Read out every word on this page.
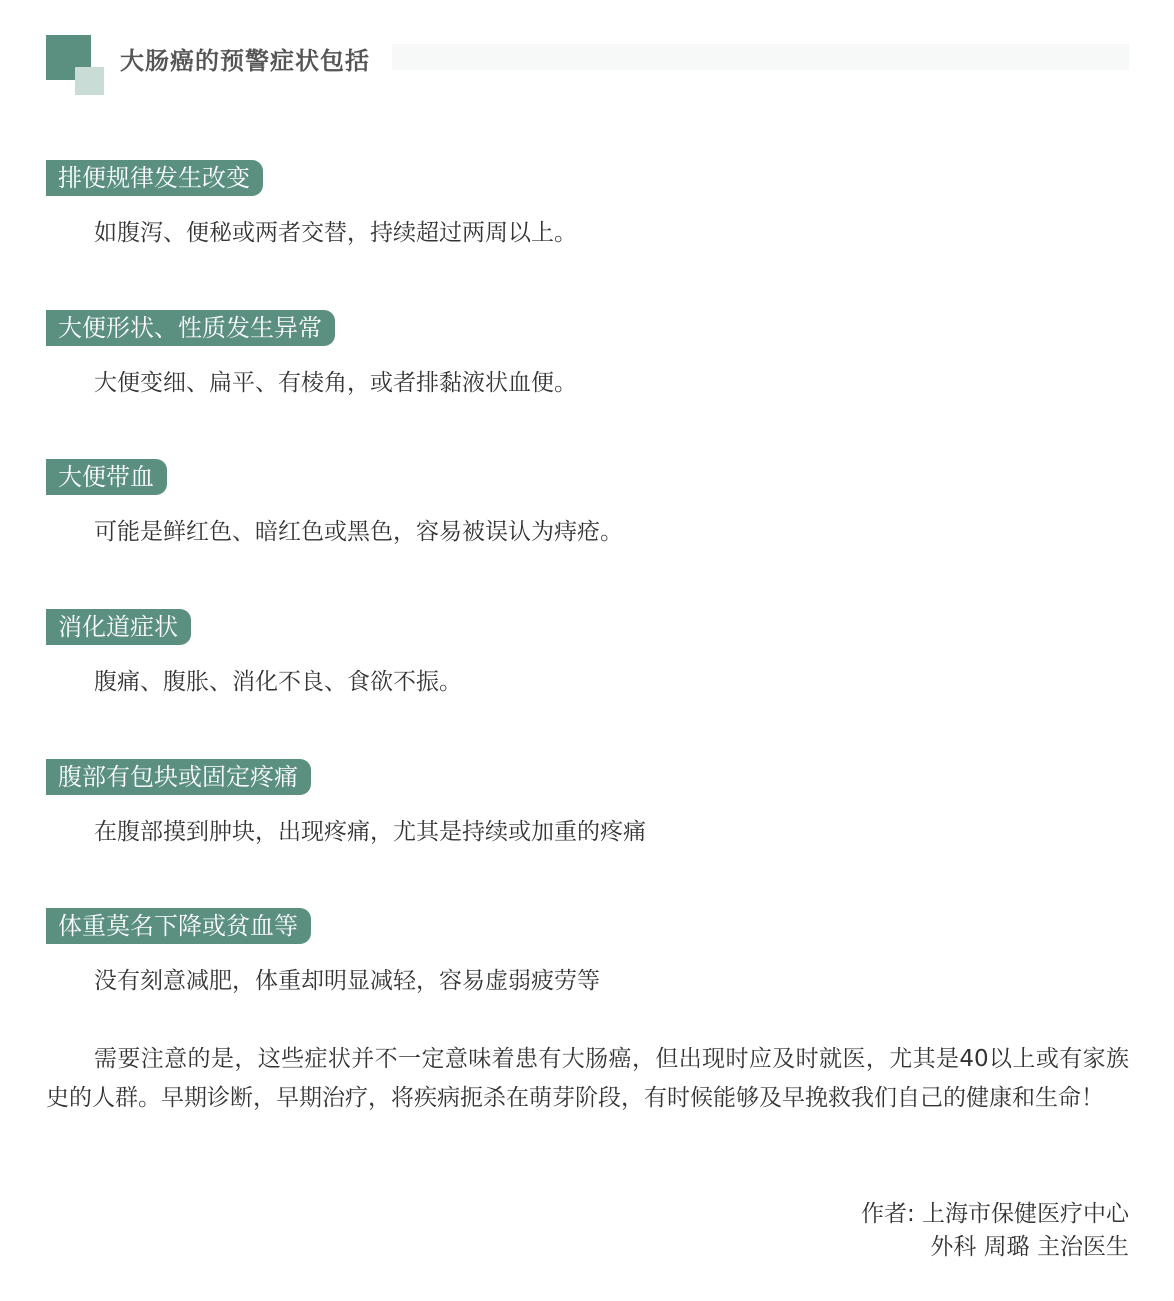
大肠癌的预警症状包括
排便规律发生改变
如腹泻、便秘或两者交替，持续超过两周以上。
大便形状、性质发生异常
大便变细、扁平、有棱角，或者排黏液状血便。
大便带血
可能是鲜红色、暗红色或黑色，容易被误认为痔疮。
消化道症状
腹痛、腹胀、消化不良、食欲不振。
腹部有包块或固定疼痛
在腹部摸到肿块，出现疼痛，尤其是持续或加重的疼痛
体重莫名下降或贫血等
没有刻意减肥，体重却明显减轻，容易虚弱疲劳等
需要注意的是，这些症状并不一定意味着患有大肠癌，但出现时应及时就医，尤其是40以上或有家族史的人群。早期诊断，早期治疗，将疾病扼杀在萌芽阶段，有时候能够及早挽救我们自己的健康和生命！
作者: 上海市保健医疗中心
外科 周璐 主治医生
